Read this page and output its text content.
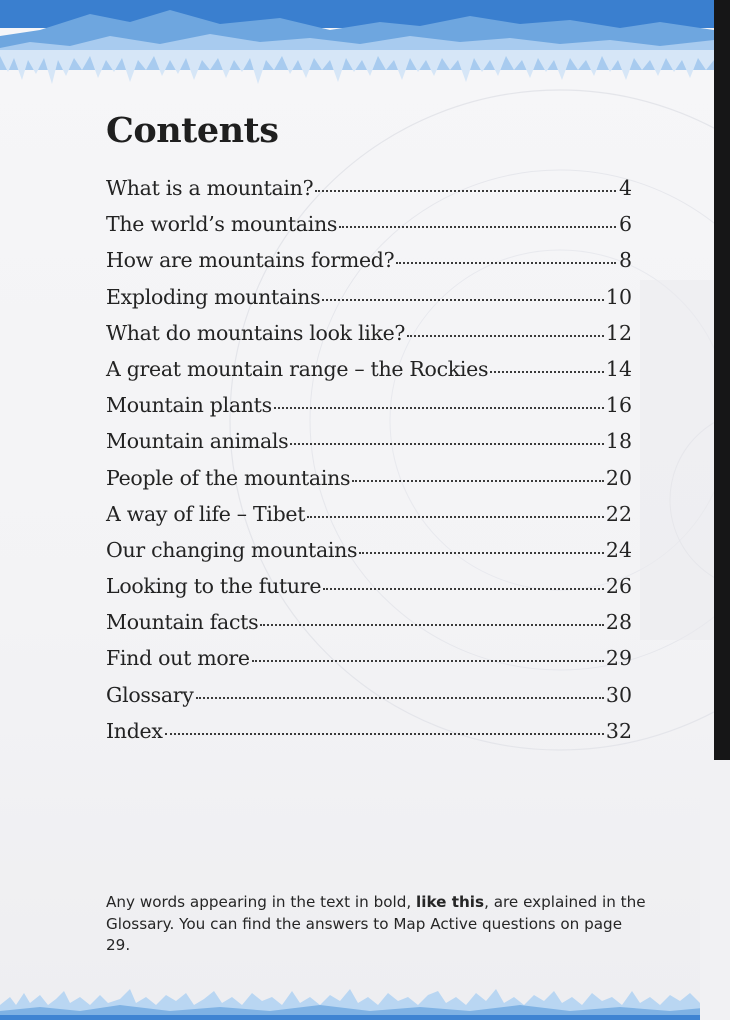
Contents
What is a mountain?	4
The world’s mountains	6
How are mountains formed?	8
Exploding mountains	10
What do mountains look like?	12
A great mountain range – the Rockies	14
Mountain plants	16
Mountain animals	18
People of the mountains	20
A way of life – Tibet	22
Our changing mountains	24
Looking to the future	26
Mountain facts	28
Find out more	29
Glossary	30
Index	32

Any words appearing in the text in bold, like this, are explained in the Glossary. You can find the answers to Map Active questions on page 29.
